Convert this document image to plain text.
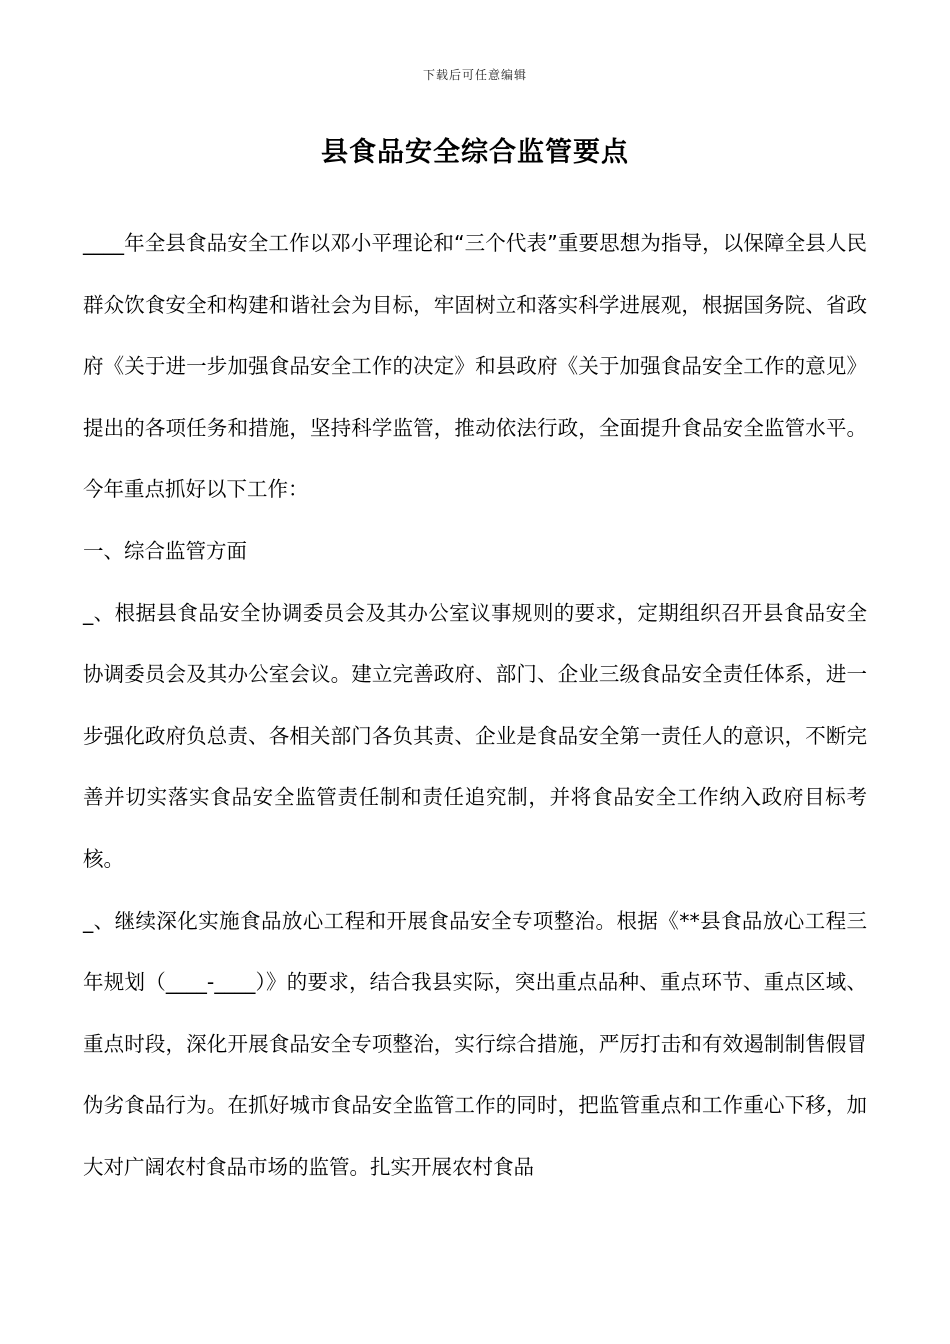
下载后可任意编辑
县食品安全综合监管要点

____年全县食品安全工作以邓小平理论和“三个代表”重要思想为指导，以保障全县人民群众饮食安全和构建和谐社会为目标，牢固树立和落实科学进展观，根据国务院、省政府《关于进一步加强食品安全工作的决定》和县政府《关于加强食品安全工作的意见》提出的各项任务和措施，坚持科学监管，推动依法行政，全面提升食品安全监管水平。今年重点抓好以下工作：

一、综合监管方面

_、根据县食品安全协调委员会及其办公室议事规则的要求，定期组织召开县食品安全协调委员会及其办公室会议。建立完善政府、部门、企业三级食品安全责任体系，进一步强化政府负总责、各相关部门各负其责、企业是食品安全第一责任人的意识，不断完善并切实落实食品安全监管责任制和责任追究制，并将食品安全工作纳入政府目标考核。

_、继续深化实施食品放心工程和开展食品安全专项整治。根据《**县食品放心工程三年规划（____-____）》的要求，结合我县实际，突出重点品种、重点环节、重点区域、重点时段，深化开展食品安全专项整治，实行综合措施，严厉打击和有效遏制制售假冒伪劣食品行为。在抓好城市食品安全监管工作的同时，把监管重点和工作重心下移，加大对广阔农村食品市场的监管。扎实开展农村食品
